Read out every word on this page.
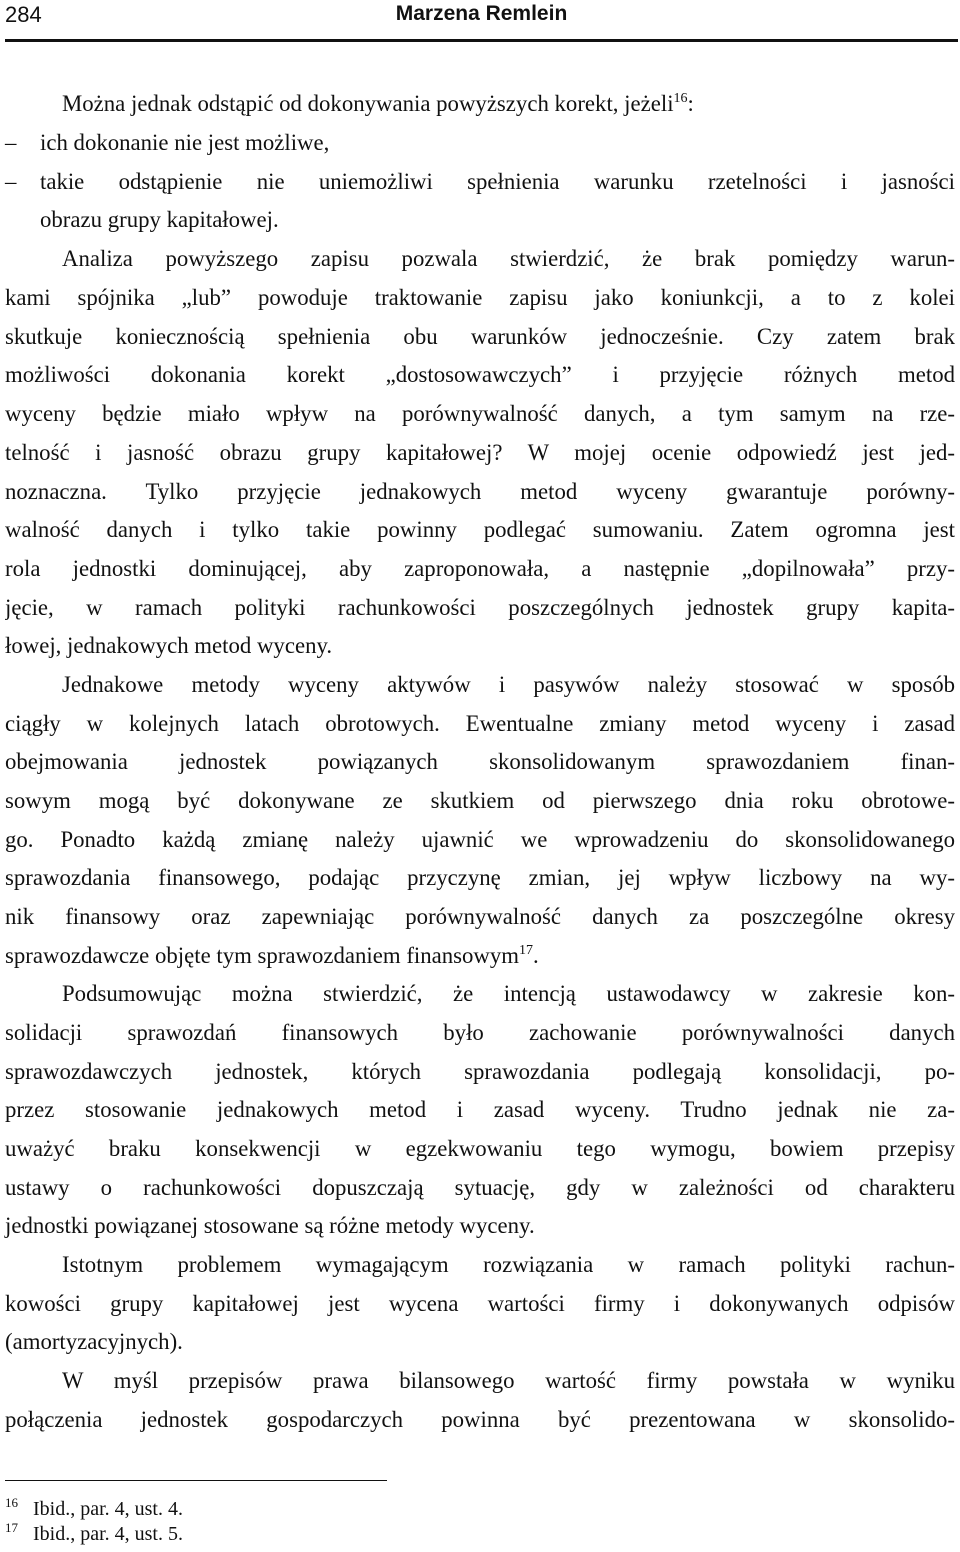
284	Marzena Remlein
Można jednak odstąpić od dokonywania powyższych korekt, jeżeli$^{16}$:
–	ich dokonanie nie jest możliwe,
–	takie odstąpienie nie uniemożliwi spełnienia warunku rzetelności i jasności
obrazu grupy kapitałowej.
Analiza powyższego zapisu pozwala stwierdzić, że brak pomiędzy warun-
kami spójnika „lub” powoduje traktowanie zapisu jako koniunkcji, a to z kolei
skutkuje koniecznością spełnienia obu warunków jednocześnie. Czy zatem brak
możliwości dokonania korekt „dostosowawczych” i przyjęcie różnych metod
wyceny będzie miało wpływ na porównywalność danych, a tym samym na rze-
telność i jasność obrazu grupy kapitałowej? W mojej ocenie odpowiedź jest jed-
noznaczna. Tylko przyjęcie jednakowych metod wyceny gwarantuje porówny-
walność danych i tylko takie powinny podlegać sumowaniu. Zatem ogromna jest
rola jednostki dominującej, aby zaproponowała, a następnie „dopilnowała” przy-
jęcie, w ramach polityki rachunkowości poszczególnych jednostek grupy kapita-
łowej, jednakowych metod wyceny.
Jednakowe metody wyceny aktywów i pasywów należy stosować w sposób
ciągły w kolejnych latach obrotowych. Ewentualne zmiany metod wyceny i zasad
obejmowania jednostek powiązanych skonsolidowanym sprawozdaniem finan-
sowym mogą być dokonywane ze skutkiem od pierwszego dnia roku obrotowe-
go. Ponadto każdą zmianę należy ujawnić we wprowadzeniu do skonsolidowanego
sprawozdania finansowego, podając przyczynę zmian, jej wpływ liczbowy na wy-
nik finansowy oraz zapewniając porównywalność danych za poszczególne okresy
sprawozdawcze objęte tym sprawozdaniem finansowym$^{17}$.
Podsumowując można stwierdzić, że intencją ustawodawcy w zakresie kon-
solidacji sprawozdań finansowych było zachowanie porównywalności danych
sprawozdawczych jednostek, których sprawozdania podlegają konsolidacji, po-
przez stosowanie jednakowych metod i zasad wyceny. Trudno jednak nie za-
uważyć braku konsekwencji w egzekwowaniu tego wymogu, bowiem przepisy
ustawy o rachunkowości dopuszczają sytuację, gdy w zależności od charakteru
jednostki powiązanej stosowane są różne metody wyceny.
Istotnym problemem wymagającym rozwiązania w ramach polityki rachun-
kowości grupy kapitałowej jest wycena wartości firmy i dokonywanych odpisów
(amortyzacyjnych).
W myśl przepisów prawa bilansowego wartość firmy powstała w wyniku
połączenia jednostek gospodarczych powinna być prezentowana w skonsolido-
$^{16}$ Ibid., par. 4, ust. 4.
$^{17}$ Ibid., par. 4, ust. 5.
